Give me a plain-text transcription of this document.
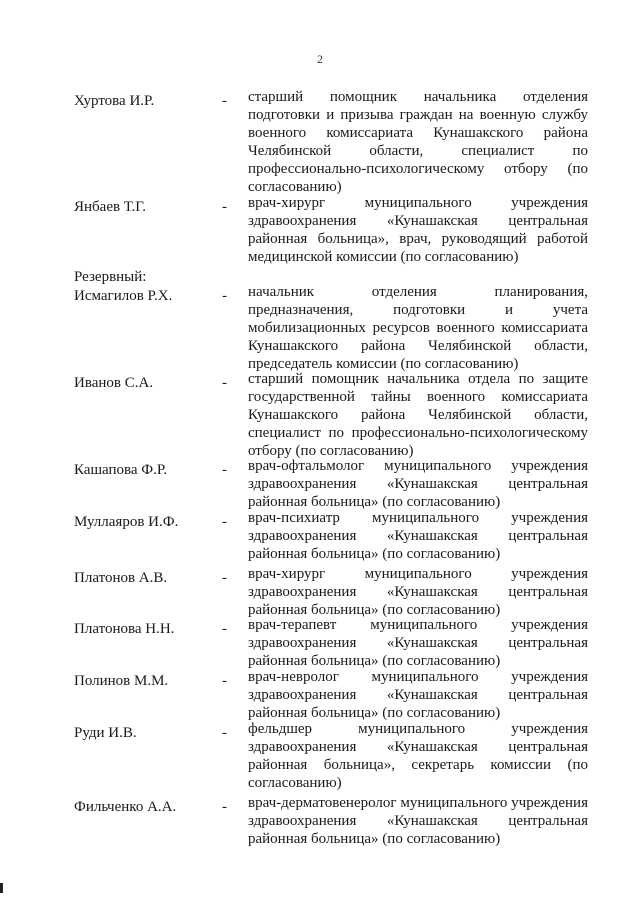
2
Хуртова И.Р.	- старший помощник начальника отделения подготовки и призыва граждан на военную службу военного комиссариата Кунашакского района Челябинской области, специалист по профессионально-психологическому отбору (по согласованию)
Янбаев Т.Г.	- врач-хирург муниципального учреждения здравоохранения «Кунашакская центральная районная больница», врач, руководящий работой медицинской комиссии (по согласованию)
Резервный:
Исмагилов Р.Х.	- начальник отделения планирования, предназначения, подготовки и учета мобилизационных ресурсов военного комиссариата Кунашакского района Челябинской области, председатель комиссии (по согласованию)
Иванов С.А.	- старший помощник начальника отдела по защите государственной тайны военного комиссариата Кунашакского района Челябинской области, специалист по профессионально-психологическому отбору (по согласованию)
Кашапова Ф.Р.	- врач-офтальмолог муниципального учреждения здравоохранения «Кунашакская центральная районная больница» (по согласованию)
Муллаяров И.Ф.	- врач-психиатр муниципального учреждения здравоохранения «Кунашакская центральная районная больница» (по согласованию)
Платонов А.В.	- врач-хирург муниципального учреждения здравоохранения «Кунашакская центральная районная больница» (по согласованию)
Платонова Н.Н.	- врач-терапевт муниципального учреждения здравоохранения «Кунашакская центральная районная больница» (по согласованию)
Полинов М.М.	- врач-невролог муниципального учреждения здравоохранения «Кунашакская центральная районная больница» (по согласованию)
Руди И.В.	- фельдшер муниципального учреждения здравоохранения «Кунашакская центральная районная больница», секретарь комиссии (по согласованию)
Фильченко А.А.	- врач-дерматовенеролог муниципального учреждения здравоохранения «Кунашакская центральная районная больница» (по согласованию)
